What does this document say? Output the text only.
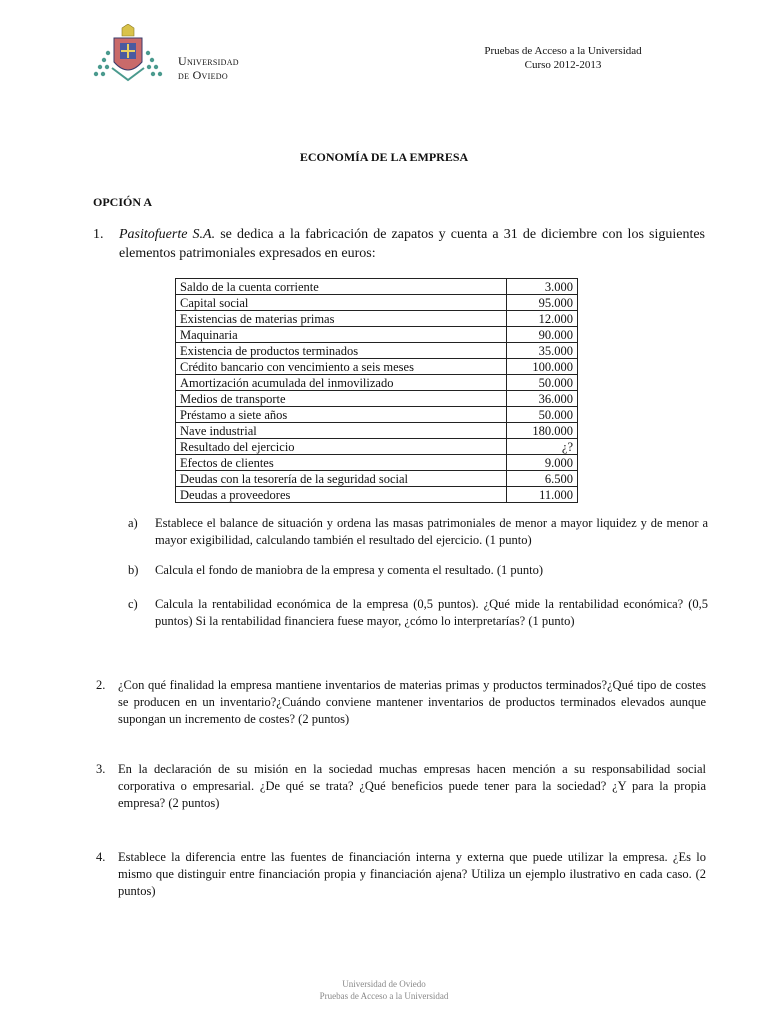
Universidad
de Oviedo
Pruebas de Acceso a la Universidad
Curso 2012-2013
ECONOMÍA DE LA EMPRESA
OPCIÓN A
1. Pasitofuerte S.A. se dedica a la fabricación de zapatos y cuenta a 31 de diciembre con los siguientes elementos patrimoniales expresados en euros:
Saldo de la cuenta corriente	3.000
Capital social	95.000
Existencias de materias primas	12.000
Maquinaria	90.000
Existencia de productos terminados	35.000
Crédito bancario con vencimiento a seis meses	100.000
Amortización acumulada del inmovilizado	50.000
Medios de transporte	36.000
Préstamo a siete años	50.000
Nave industrial	180.000
Resultado del ejercicio	¿?
Efectos de clientes	9.000
Deudas con la tesorería de la seguridad social	6.500
Deudas a proveedores	11.000
a) Establece el balance de situación y ordena las masas patrimoniales de menor a mayor liquidez y de menor a mayor exigibilidad, calculando también el resultado del ejercicio. (1 punto)
b) Calcula el fondo de maniobra de la empresa y comenta el resultado. (1 punto)
c) Calcula la rentabilidad económica de la empresa (0,5 puntos). ¿Qué mide la rentabilidad económica? (0,5 puntos) Si la rentabilidad financiera fuese mayor, ¿cómo lo interpretarías? (1 punto)
2. ¿Con qué finalidad la empresa mantiene inventarios de materias primas y productos terminados?¿Qué tipo de costes se producen en un inventario?¿Cuándo conviene mantener inventarios de productos terminados elevados aunque supongan un incremento de costes? (2 puntos)
3. En la declaración de su misión en la sociedad muchas empresas hacen mención a su responsabilidad social corporativa o empresarial. ¿De qué se trata? ¿Qué beneficios puede tener para la sociedad? ¿Y para la propia empresa? (2 puntos)
4. Establece la diferencia entre las fuentes de financiación interna y externa que puede utilizar la empresa. ¿Es lo mismo que distinguir entre financiación propia y financiación ajena? Utiliza un ejemplo ilustrativo en cada caso. (2 puntos)
Universidad de Oviedo
Pruebas de Acceso a la Universidad
